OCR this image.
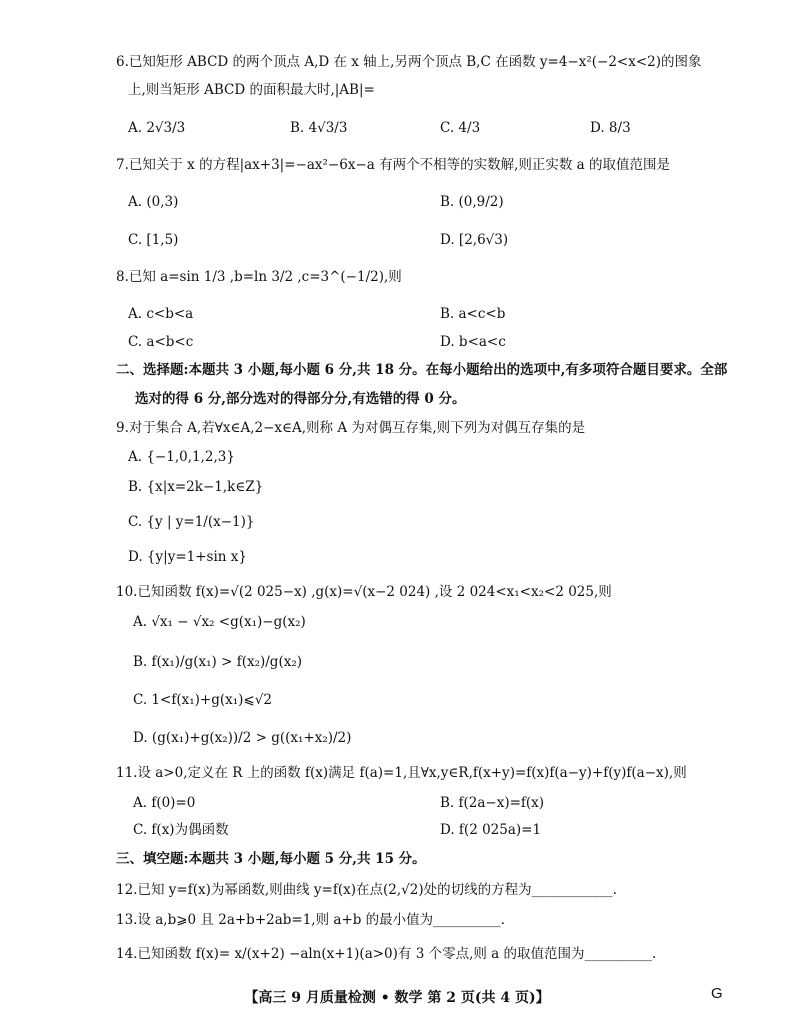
6.已知矩形 ABCD 的两个顶点 A,D 在 x 轴上,另两个顶点 B,C 在函数 y=4−x²(−2<x<2)的图象
上,则当矩形 ABCD 的面积最大时,|AB|=
A. 2√3/3	B. 4√3/3	C. 4/3	D. 8/3
7.已知关于 x 的方程|ax+3|=−ax²−6x−a 有两个不相等的实数解,则正实数 a 的取值范围是
A. (0,3)	B. (0,9/2)
C. [1,5)	D. [2,6√3)
8.已知 a=sin 1/3 ,b=ln 3/2 ,c=3^(−1/2),则
A. c<b<a	B. a<c<b
C. a<b<c	D. b<a<c
二、选择题:本题共 3 小题,每小题 6 分,共 18 分。在每小题给出的选项中,有多项符合题目要求。全部
选对的得 6 分,部分选对的得部分分,有选错的得 0 分。
9.对于集合 A,若∀x∈A,2−x∈A,则称 A 为对偶互存集,则下列为对偶互存集的是
A. {−1,0,1,2,3}
B. {x|x=2k−1,k∈Z}
C. {y | y=1/(x−1)}
D. {y|y=1+sin x}
10.已知函数 f(x)=√(2 025−x) ,g(x)=√(x−2 024) ,设 2 024<x₁<x₂<2 025,则
A. √x₁ − √x₂ <g(x₁)−g(x₂)
B. f(x₁)/g(x₁) > f(x₂)/g(x₂)
C. 1<f(x₁)+g(x₁)⩽√2
D. (g(x₁)+g(x₂))/2 > g((x₁+x₂)/2)
11.设 a>0,定义在 R 上的函数 f(x)满足 f(a)=1,且∀x,y∈R,f(x+y)=f(x)f(a−y)+f(y)f(a−x),则
A. f(0)=0	B. f(2a−x)=f(x)
C. f(x)为偶函数	D. f(2 025a)=1
三、填空题:本题共 3 小题,每小题 5 分,共 15 分。
12.已知 y=f(x)为幂函数,则曲线 y=f(x)在点(2,√2)处的切线的方程为____________.
13.设 a,b⩾0 且 2a+b+2ab=1,则 a+b 的最小值为__________.
14.已知函数 f(x)= x/(x+2) −aln(x+1)(a>0)有 3 个零点,则 a 的取值范围为__________.
【高三 9 月质量检测 • 数学 第 2 页(共 4 页)】	G
